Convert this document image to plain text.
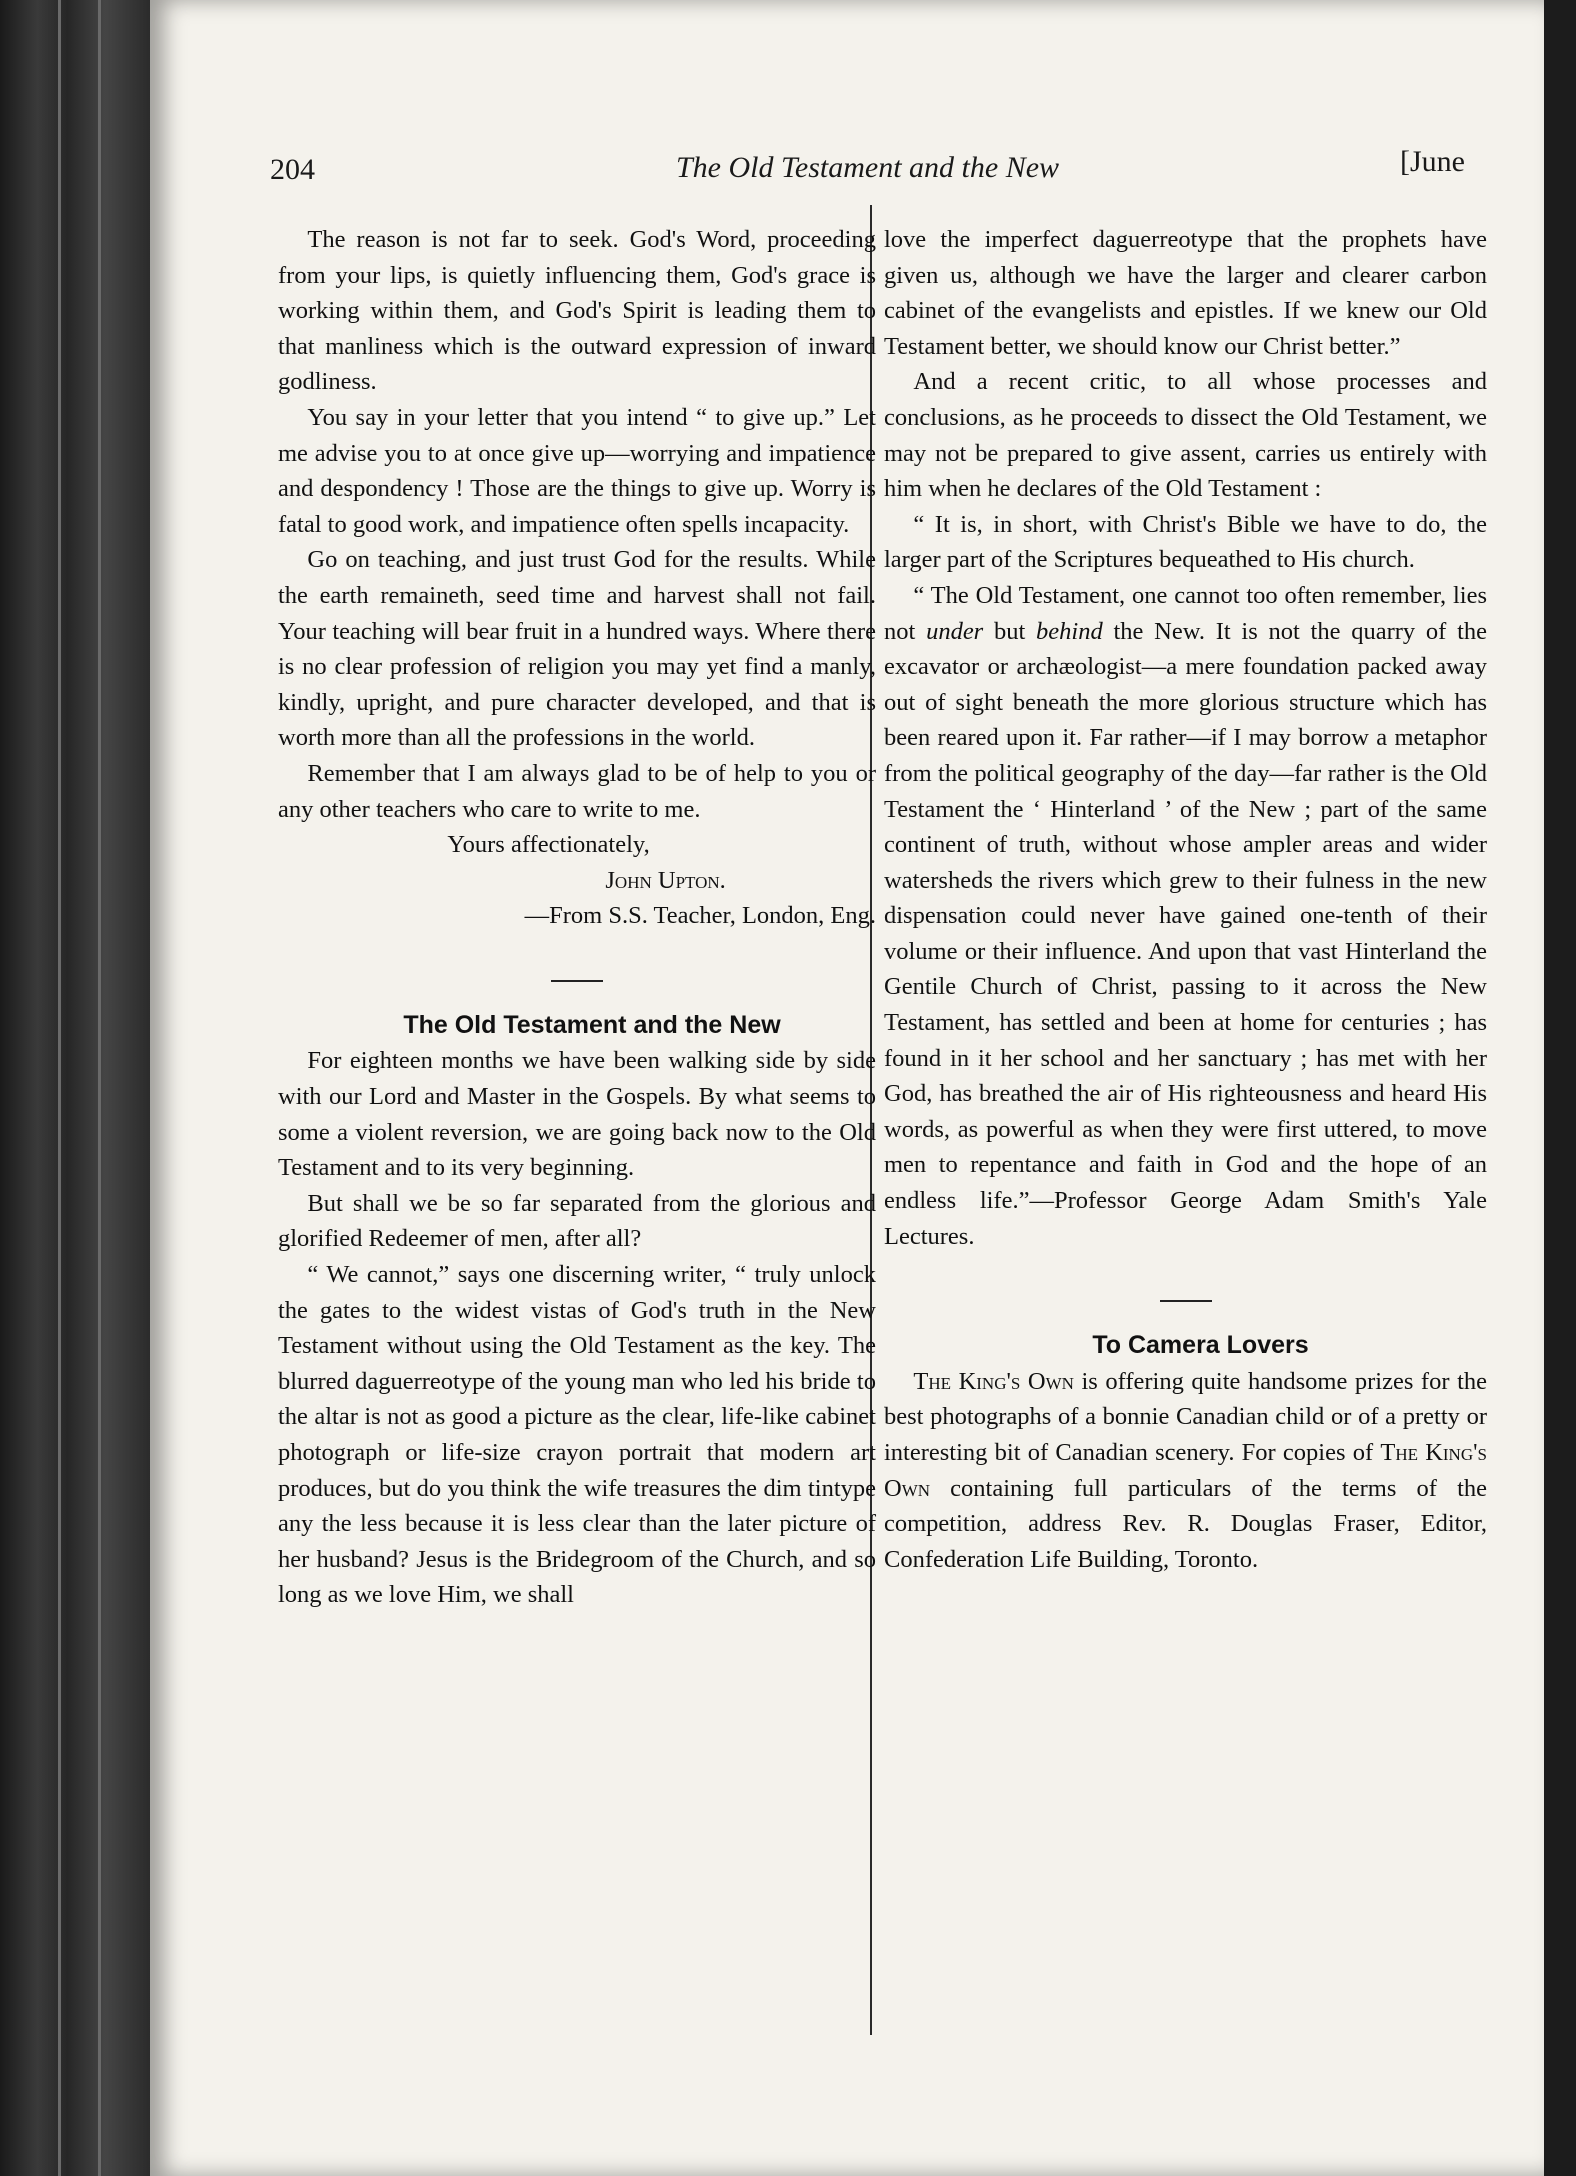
204	The Old Testament and the New	[June

The reason is not far to seek. God's Word, proceeding from your lips, is quietly influencing them, God's grace is working within them, and God's Spirit is leading them to that manliness which is the outward expression of inward godliness.

You say in your letter that you intend “ to give up.” Let me advise you to at once give up—worrying and impatience and despondency ! Those are the things to give up. Worry is fatal to good work, and impatience often spells incapacity.

Go on teaching, and just trust God for the results. While the earth remaineth, seed time and harvest shall not fail. Your teaching will bear fruit in a hundred ways. Where there is no clear profession of religion you may yet find a manly, kindly, upright, and pure character developed, and that is worth more than all the professions in the world.

Remember that I am always glad to be of help to you or any other teachers who care to write to me.

Yours affectionately,

John Upton.

—From S.S. Teacher, London, Eng.

The Old Testament and the New

For eighteen months we have been walking side by side with our Lord and Master in the Gospels. By what seems to some a violent reversion, we are going back now to the Old Testament and to its very beginning.

But shall we be so far separated from the glorious and glorified Redeemer of men, after all?

“ We cannot,” says one discerning writer, “ truly unlock the gates to the widest vistas of God's truth in the New Testament without using the Old Testament as the key. The blurred daguerreotype of the young man who led his bride to the altar is not as good a picture as the clear, life-like cabinet photograph or life-size crayon portrait that modern art produces, but do you think the wife treasures the dim tintype any the less because it is less clear than the later picture of her husband? Jesus is the Bridegroom of the Church, and so long as we love Him, we shall

love the imperfect daguerreotype that the prophets have given us, although we have the larger and clearer carbon cabinet of the evangelists and epistles. If we knew our Old Testament better, we should know our Christ better.”

And a recent critic, to all whose processes and conclusions, as he proceeds to dissect the Old Testament, we may not be prepared to give assent, carries us entirely with him when he declares of the Old Testament :

“ It is, in short, with Christ's Bible we have to do, the larger part of the Scriptures bequeathed to His church.

“ The Old Testament, one cannot too often remember, lies not under but behind the New. It is not the quarry of the excavator or archæologist—a mere foundation packed away out of sight beneath the more glorious structure which has been reared upon it. Far rather—if I may borrow a metaphor from the political geography of the day—far rather is the Old Testament the ‘ Hinterland ’ of the New ; part of the same continent of truth, without whose ampler areas and wider watersheds the rivers which grew to their fulness in the new dispensation could never have gained one-tenth of their volume or their influence. And upon that vast Hinterland the Gentile Church of Christ, passing to it across the New Testament, has settled and been at home for centuries ; has found in it her school and her sanctuary ; has met with her God, has breathed the air of His righteousness and heard His words, as powerful as when they were first uttered, to move men to repentance and faith in God and the hope of an endless life.”—Professor George Adam Smith's Yale Lectures.

To Camera Lovers

The King's Own is offering quite handsome prizes for the best photographs of a bonnie Canadian child or of a pretty or interesting bit of Canadian scenery. For copies of The King's Own containing full particulars of the terms of the competition, address Rev. R. Douglas Fraser, Editor, Confederation Life Building, Toronto.
